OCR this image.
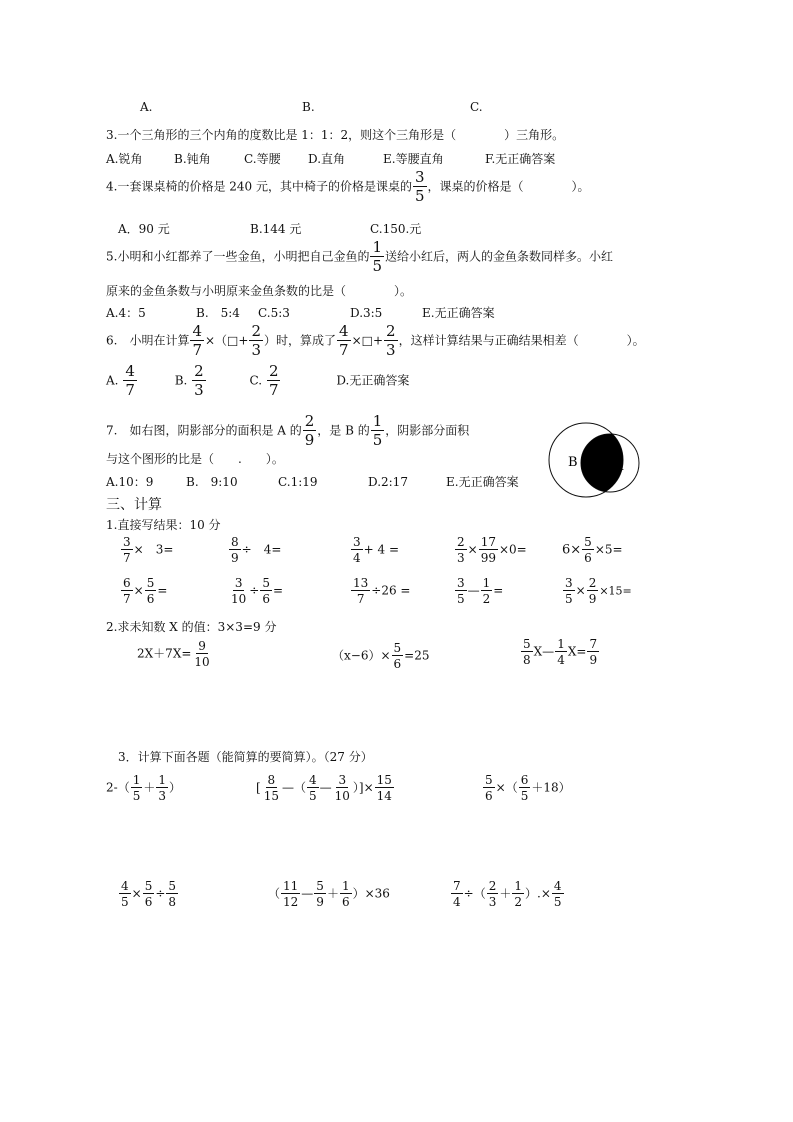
A.	B.	C.
3.一个三角形的三个内角的度数比是 1：1：2，则这个三角形是（　　　　）三角形。
A.锐角	B.钝角	C.等腰 D.直角	E.等腰直角	F.无正确答案
4.一套课桌椅的价格是 240 元，其中椅子的价格是课桌的 $\frac{3}{5}$ ，课桌的价格是（　　　　）。
A．90 元	B.144 元	C.150.元
5.小明和小红都养了一些金鱼，小明把自己金鱼的 $\frac{1}{5}$ 送给小红后，两人的金鱼条数同样多。小红
原来的金鱼条数与小明原来金鱼条数的比是（　　　　）。
A.4：5	B.　5:4 C.5:3	D.3:5	E.无正确答案
6.　小明在计算 $\frac{4}{7}$ ×（□+ $\frac{2}{3}$ ）时，算成了 $\frac{4}{7}$ ×□+ $\frac{2}{3}$ ，这样计算结果与正确结果相差（　　　　）。
A. $\frac{4}{7}$	B. $\frac{2}{3}$	C. $\frac{2}{7}$	D.无正确答案
7.　如右图，阴影部分的面积是 A 的 $\frac{2}{9}$ ，是 B 的 $\frac{1}{5}$ ，阴影部分面积
与这个图形的比是（　　.　　）。
A.10：9	B.　9:10	C.1:19	D.2:17	E.无正确答案
B	A
三、计算
1.直接写结果：10 分
$\frac{3}{7}$ ×　3=	$\frac{8}{9}$ ÷　4=	$\frac{3}{4} + 4$ =	$\frac{2}{3} \times \frac{17}{99} \times 0=$	$6\times \frac{5}{6} \times 5=$
$\frac{6}{7} \times \frac{5}{6}$ =	$\frac{3}{10} \div \frac{5}{6}$ =	$\frac{13}{7} \div 26$ =	$\frac{3}{5}$ — $\frac{1}{2}$ =	$\frac{3}{5} \times \frac{2}{9} \times 15=$
2.求未知数 X 的值：3×3=9 分
$2X+7X= \frac{9}{10}$	$(x-6)\times \frac{5}{6} =25$	$\frac{5}{8}$ X— $\frac{1}{4} X= \frac{7}{9}$
3．计算下面各题（能简算的要简算）。（27 分）
$2-( \frac{1}{5} + \frac{1}{3}$ ）	[ $\frac{8}{15}$ —（ $\frac{4}{5}$ — $\frac{3}{10}$ ）]× $\frac{15}{14}$	$\frac{5}{6}$ ×（ $\frac{6}{5} +18$）
$\frac{4}{5} \times \frac{5}{6} \div \frac{5}{8}$	（ $\frac{11}{12}$ — $\frac{5}{9} + \frac{1}{6} )\times 36$	$\frac{7}{4}$ ÷（ $\frac{2}{3} + \frac{1}{2}$ ）.× $\frac{4}{5}$
